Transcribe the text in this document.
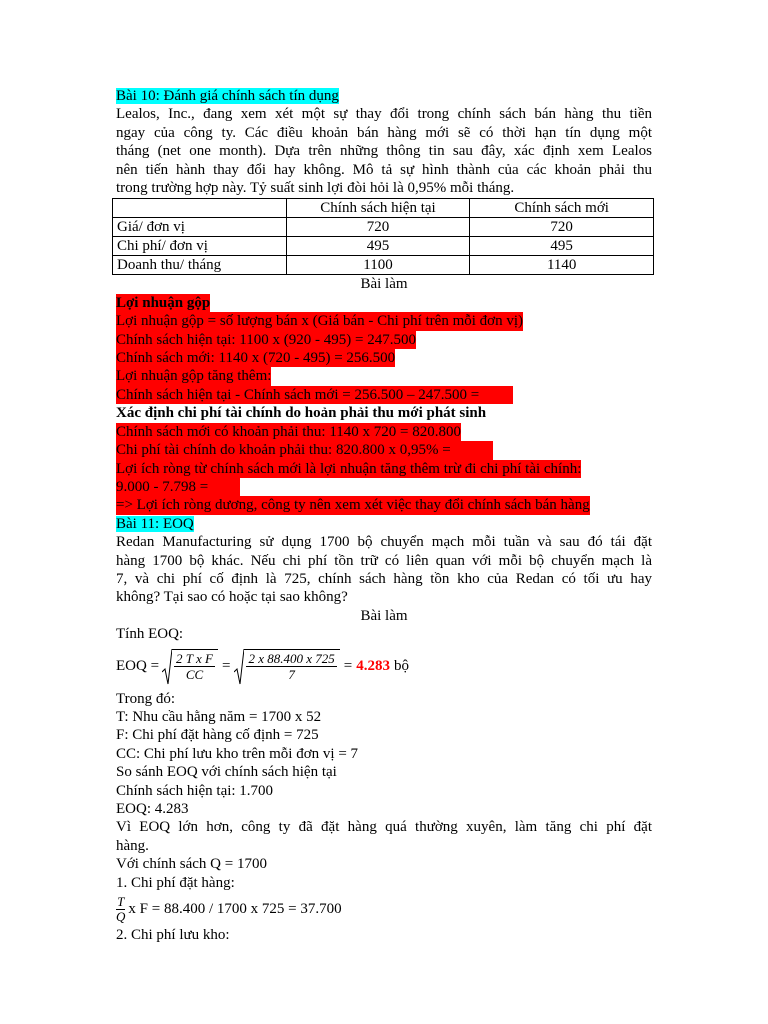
Bài 10: Đánh giá chính sách tín dụng
Lealos, Inc., đang xem xét một sự thay đổi trong chính sách bán hàng thu tiền
ngay của công ty. Các điều khoản bán hàng mới sẽ có thời hạn tín dụng một
tháng (net one month). Dựa trên những thông tin sau đây, xác định xem Lealos
nên tiến hành thay đổi hay không. Mô tả sự hình thành của các khoản phải thu
trong trường hợp này. Tỷ suất sinh lợi đòi hỏi là 0,95% mỗi tháng.
	Chính sách hiện tại	Chính sách mới
Giá/ đơn vị	720	720
Chi phí/ đơn vị	495	495
Doanh thu/ tháng	1100	1140
Bài làm
Lợi nhuận gộp
Lợi nhuận gộp = số lượng bán x (Giá bán - Chi phí trên mỗi đơn vị)
Chính sách hiện tại: 1100 x (920 - 495) = 247.500
Chính sách mới: 1140 x (720 - 495) = 256.500
Lợi nhuận gộp tăng thêm:
Chính sách hiện tại - Chính sách mới = 256.500 – 247.500 =
Xác định chi phí tài chính do hoản phải thu mới phát sinh
Chính sách mới có khoản phải thu: 1140 x 720 = 820.800
Chi phí tài chính do khoản phải thu: 820.800 x 0,95% =
Lợi ích ròng từ chính sách mới là lợi nhuận tăng thêm trừ đi chi phí tài chính:
9.000 - 7.798 =
=> Lợi ích ròng dương, công ty nên xem xét việc thay đổi chính sách bán hàng
Bài 11: EOQ
Redan Manufacturing sử dụng 1700 bộ chuyển mạch mỗi tuần và sau đó tái đặt
hàng 1700 bộ khác. Nếu chi phí tồn trữ có liên quan với mỗi bộ chuyển mạch là
7, và chi phí cố định là 725, chính sách hàng tồn kho của Redan có tối ưu hay
không? Tại sao có hoặc tại sao không?
Bài làm
Tính EOQ:
EOQ = $\frac{\text{2 T x F}}{CC} = \frac{2 x 88.400 x 725}{7} = 4.283$ bộ
Trong đó:
T: Nhu cầu hằng năm = 1700 x 52
F: Chi phí đặt hàng cố định = 725
CC: Chi phí lưu kho trên mỗi đơn vị = 7
So sánh EOQ với chính sách hiện tại
Chính sách hiện tại: 1.700
EOQ: 4.283
Vì EOQ lớn hơn, công ty đã đặt hàng quá thường xuyên, làm tăng chi phí đặt
hàng.
Với chính sách Q = 1700
1. Chi phí đặt hàng:
$\frac{T}{Q}$ x F = 88.400 / 1700 x 725 = 37.700
2. Chi phí lưu kho:
